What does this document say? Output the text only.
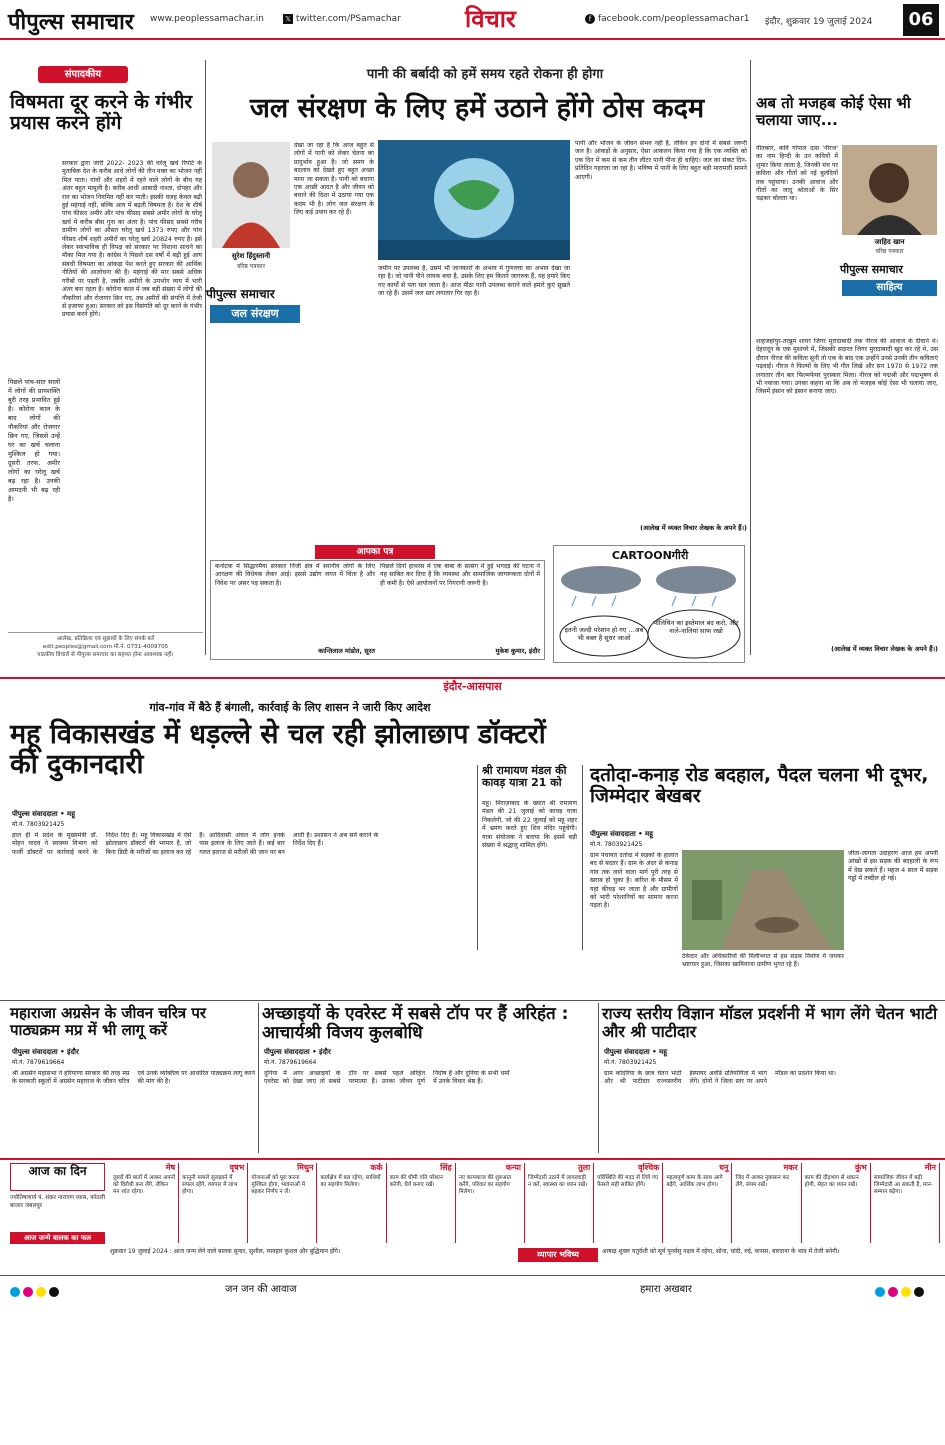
पीपुल्स समाचार www.peoplessamachar.in	𝕏 twitter.com/PSamachar	विचार	f facebook.com/peoplessamachar1 इंदौर, शुक्रवार 19 जुलाई 2024	06
संपादकीय
विषमता दूर करने के गंभीर प्रयास करने होंगे
सरकार द्वारा जारी 2022- 2023 की घरेलू खर्च रिपोर्ट के मुताबिक देश के करीब आधे लोगों की तीन वक्त का भोजन नहीं मिल पाता। गांवों और शहरों में रहने वाले लोगों के बीच यह अंतर बहुत मामूली है। करीब आधी आबादी नाश्ता, दोपहर और रात का भोजन नियमित नहीं कर पाती। इसकी वजह केवल बढ़ी हुई महंगाई नहीं, बल्कि आय में बढ़ती विषमता है। देश के शीर्ष पांच फीसद अमीर और पांच फीसद सबसे अमीर लोगों के घरेलू खर्च में करीब बीस गुना का अंतर है। पांच फीसद सबसे गरीब ग्रामीण लोगों का औसत घरेलू खर्च 1373 रुपए और पांच फीसद शीर्ष शहरी अमीरों का घरेलू खर्च 20824 रुपए है। इसे लेकर स्वाभाविक ही विपक्ष को सरकार पर निशाना साधने का मौका मिल गया है। कांग्रेस ने पिछले दस वर्षों में बढ़ी हुई आय संबंधी विषमता का आंकड़ा पेश करते हुए सरकार की आर्थिक नीतियों की आलोचना की है। महंगाई की मार सबसे अधिक गरीबों पर पड़ती है, जबकि अमीरों के उपभोग व्यय में भारी अंतर बना रहता है। कोरोना काल में जब बड़ी संख्या में लोगों की नौकरियां और रोजगार छिन गए, तब अमीरों की संपत्ति में तेजी से इजाफा हुआ। सरकार को इस विसंगति को दूर करने के गंभीर प्रयास करने होंगे।
पिछले पांच-सात सालों में लोगों की प्रायशक्ति बुरी तरह प्रभावित हुई है। कोरोना काल के बाद लोगों की नौकरियां और रोजगार छिन गए, जिससे उन्हें घर का खर्च चलाना मुश्किल हो गया। दूसरी तरफ, अमीर लोगों का घरेलू खर्च बढ़ रहा है। उनकी आमदनी भी बढ़ रही है।
आलेख, प्रतिक्रिया एवं सुझावों के लिए संपर्क करें
edit.peoples@gmail.com मो.नं. 0731-4009705
पाठकीय विचारों से पीपुल्स समाचार का सहमत होना आवश्यक नहीं।
पानी की बर्बादी को हमें समय रहते रोकना ही होगा
जल संरक्षण के लिए हमें उठाने होंगे ठोस कदम
सुरेश हिंदुस्तानी
वरिष्ठ पत्रकार
पीपुल्स समाचार
जल संरक्षण
देखा जा रहा है कि आज बहुत से लोगों में पानी को लेकर चेतना का प्रादुर्भाव हुआ है। जो समय के बदलाव को देखते हुए बहुत अच्छा माना जा सकता है। पानी को बचाना एक अच्छी आदत है और जीवन को बचाने की दिशा में उठाया गया एक कदम भी है। लोग जल संरक्षण के लिए कई उपाय कर रहे हैं।
जमीन पर उपलब्ध है, उसमें भी जानकारों के अभाव में गुणवत्ता का अभाव देखा जा रहा है। जो पानी पीने लायक बचा है, उसके लिए हम कितने जागरुक हैं, यह हमारे किए गए कार्यों से पता चल जाता है। आज मीठा पानी उपलब्ध कराने वाले हमारे कुएं सूखते जा रहे हैं। उसमें जल स्तर लगातार गिर रहा है।
पानी और भोजन के जीवन संभव नहीं है, लेकिन इन दोनों में सबसे जरूरी जल है। आंकड़ों के अनुसार, ऐसा आकलन किया गया है कि एक व्यक्ति को एक दिन में कम से कम तीन लीटर पानी पीना ही चाहिए। जल का संकट दिन-प्रतिदिन गहराता जा रहा है। भविष्य में पानी के लिए बहुत बड़ी मारामारी सामने आएगी।
(आलेख में व्यक्त विचार लेखक के अपने हैं।)
अब तो मजहब कोई ऐसा भी चलाया जाए...
गीतकार, कवि गोपाल दास 'नीरज' का नाम हिन्दी के उन कवियों में शुमार किया जाता है, जिनकी मंच पर कविता और गीतों को नई बुलंदियों तक पहुंचाया। उनकी आवाज और गीतों का जादू श्रोताओं के सिर चढ़कर बोलता था।
जाहिद खान
वरिष्ठ पत्रकार
पीपुल्स समाचार
साहित्य
शाहजहांपुर-तरन्नुम शायर जिगर मुरादाबादी तक नीरज की आवाज के दीवाने थे। देहरादून के एक मुशायरे में, जिसकी सदारत जिगर मुरादाबादी खुद कर रहे थे, उस दौरान नीरज की कविता सुनी तो एक के बाद एक उन्होंने उनसे उनकी तीन कविताएं पढ़वाईं। नीरज ने फिल्मों के लिए भी गीत लिखे और सन 1970 से 1972 तक लगातार तीन बार फिल्मफेयर पुरस्कार मिला। नीरज को पद्मश्री और पद्मभूषण से भी नवाजा गया। उनका कहना था कि अब तो मजहब कोई ऐसा भी चलाया जाए, जिसमें इंसान को इंसान बनाया जाए।
(आलेख में व्यक्त विचार लेखक के अपने हैं।)
आपका पत्र
कर्नाटक में सिद्धारमैया सरकार निजी क्षेत्र में स्थानीय लोगों के लिए आरक्षण की विधेयक लेकर आई। इससे उद्योग जगत में चिंता है और निवेश पर असर पड़ सकता है।
कान्तिलाल मांडोत, सूरत
पिछले दिनों हाथरस में एक बाबा के सत्संग में हुई भगदड़ की घटना ने यह साबित कर दिया है कि व्यवस्था और सामाजिक जागरूकता दोनों में ही कमी है। ऐसे आयोजनों पर निगरानी जरूरी है।
मुकेश कुमार, इंदौर
CARTOONगीरी
इतनी जल्दी परेशान हो गए ...अब भी वक्त है सुधर जाओ
पॉलिथिन का इस्तेमाल बंद करो, और नाले-नालियां साफ रखो
इंदौर-आसपास
गांव-गांव में बैठे हैं बंगाली, कार्रवाई के लिए शासन ने जारी किए आदेश
महू विकासखंड में धड़ल्ले से चल रही झोलाछाप डॉक्टरों की दुकानदारी
पीपुल्स संवाददाता • महू
मो.नं. 7803921425
हाल ही में प्रदेश के मुख्यमंत्री डॉ. मोहन यादव ने स्वास्थ्य विभाग को फर्जी डॉक्टरों पर कार्रवाई करने के निर्देश दिए हैं। महू विकासखंड में ऐसे झोलाछाप डॉक्टरों की भरमार है, जो बिना डिग्री के मरीजों का इलाज कर रहे हैं। आदिवासी अंचल में लोग इनके पास इलाज के लिए जाते हैं। कई बार गलत इलाज से मरीजों की जान पर बन आती है। प्रशासन ने अब सर्वे कराने के निर्देश दिए हैं।
श्री रामायण मंडल की कावड़ यात्रा 21 को
महू। मिराज़ाबाद के ख्यात श्री रामायण मंडल की 21 जुलाई को कावड़ यात्रा निकलेगी, जो की 22 जुलाई को महू शहर में भ्रमण करते हुए शिव मंदिर पहुंचेगी। यात्रा संयोजक ने बताया कि इसमें बड़ी संख्या में श्रद्धालु शामिल होंगे।
दतोदा-कनाड़ रोड बदहाल, पैदल चलना भी दूभर, जिम्मेदार बेखबर
पीपुल्स संवाददाता • महू
मो.नं. 7803921425
ग्राम पंचायत दतोदा में सड़कों के हालात बद से बदतर हैं। ग्राम के अंदर से कनाड़ गांव तक जाने वाला मार्ग पूरी तरह से खराब हो चुका है। बारिश के मौसम में यहां कीचड़ भर जाता है और ग्रामीणों को भारी परेशानियों का सामना करना पड़ता है।
ठेकेदार और अधिकारियों की मिलीभगत से इस सड़क निर्माण में जमकर भ्रष्टाचार हुआ, जिसका खामियाजा ग्रामीण भुगत रहे हैं।
जीता-जागता उदाहरण आज हम अपनी आंखों से इस सड़क की बदहाली के रूप में देख सकते हैं। महज 4 साल में सड़क गड्ढों में तब्दील हो गई।
महाराजा अग्रसेन के जीवन चरित्र पर पाठ्यक्रम मप्र में भी लागू करें
पीपुल्स संवाददाता • इंदौर
मो.नं. 7879619664
श्री अग्रसेन महासभा ने हरियाणा सरकार की तरह मप्र के सरकारी स्कूलों में अग्रसेन महाराज के जीवन चरित्र एवं उनके व्यक्तित्व पर आधारित पाठ्यक्रम लागू करने की मांग की है।
अच्छाइयों के एवरेस्ट में सबसे टॉप पर हैं अरिहंत : आचार्यश्री विजय कुलबोधि
पीपुल्स संवाददाता • इंदौर
मो.नं. 7879619664
दुनिया में अगर अच्छाइयों के एवरेस्ट को देखा जाए तो सबसे टॉप पर सबसे पहले अरिहंत परमात्मा हैं। उनका जीवन पूर्ण निर्दोष है और दुनिया के सभी धर्मों में उनके विचार श्रेष्ठ हैं।
राज्य स्तरीय विज्ञान मॉडल प्रदर्शनी में भाग लेंगे चेतन भाटी और श्री पाटीदार
पीपुल्स संवाददाता • महू
मो.नं. 7803921425
ग्राम कोदरिया के छात्र चेतन भाटी और श्री पाटीदार राज्यस्तरीय इंस्पायर अवॉर्ड प्रतियोगिता में भाग लेंगे। दोनों ने जिला स्तर पर अपने मॉडल का प्रदर्शन किया था।
आज का दिन
ज्योतिषाचार्य पं. शंकर नारायण व्यास, कोठारी बाजार जबलपुर
आज जन्मे बालक का फल
मेष
दूसरों की बातों में आकर अपनों को विरोधी बना लेंगे, लेकिन मन शांत रहेगा।
वृषभ
कानूनी मामले सुलझाने में सफल रहेंगे, व्यापार में लाभ होगा।
मिथुन
योजनाओं को पूरा करना मुश्किल होगा, भावनाओं में बहकर निर्णय न लें।
कर्क
कार्यक्षेत्र में बल रहेगा, साथियों का सहयोग मिलेगा।
सिंह
काम की धीमी गति परेशान करेगी, धैर्य बनाए रखें।
कन्या
नए कामकाज की शुरुआत करेंगे, परिवार का सहयोग मिलेगा।
तुला
जिम्मेदारी उठाने में लापरवाही न करें, स्वास्थ्य का ध्यान रखें।
वृश्चिक
परिस्थिति की मदद से लिये गए फैसले सही साबित होंगे।
धनु
महत्वपूर्ण काम के साथ आगे बढ़ेंगे, आर्थिक लाभ होगा।
मकर
जिद में आकर नुकसान कर लेंगे, संयम रखें।
कुंभ
काम की दौड़भाग से थकान होगी, सेहत का ध्यान रखें।
मीन
सामाजिक जीवन में बढ़ी जिम्मेदारी आ सकती है, मान-सम्मान बढ़ेगा।
शुक्रवार 19 जुलाई 2024 : आज जन्म लेने वाले बालक सुन्दर, सुशील, व्यवहार कुशल और बुद्धिमान होंगे।	व्यापार भविष्य	आषाढ़ शुक्ल चतुर्दशी को सूर्य पुनर्वसु नक्षत्र में रहेगा, सोना, चांदी, रुई, कपास, बारदाना के भाव में तेजी बनेगी।
जन जन की आवाज	हमारा अखबार
